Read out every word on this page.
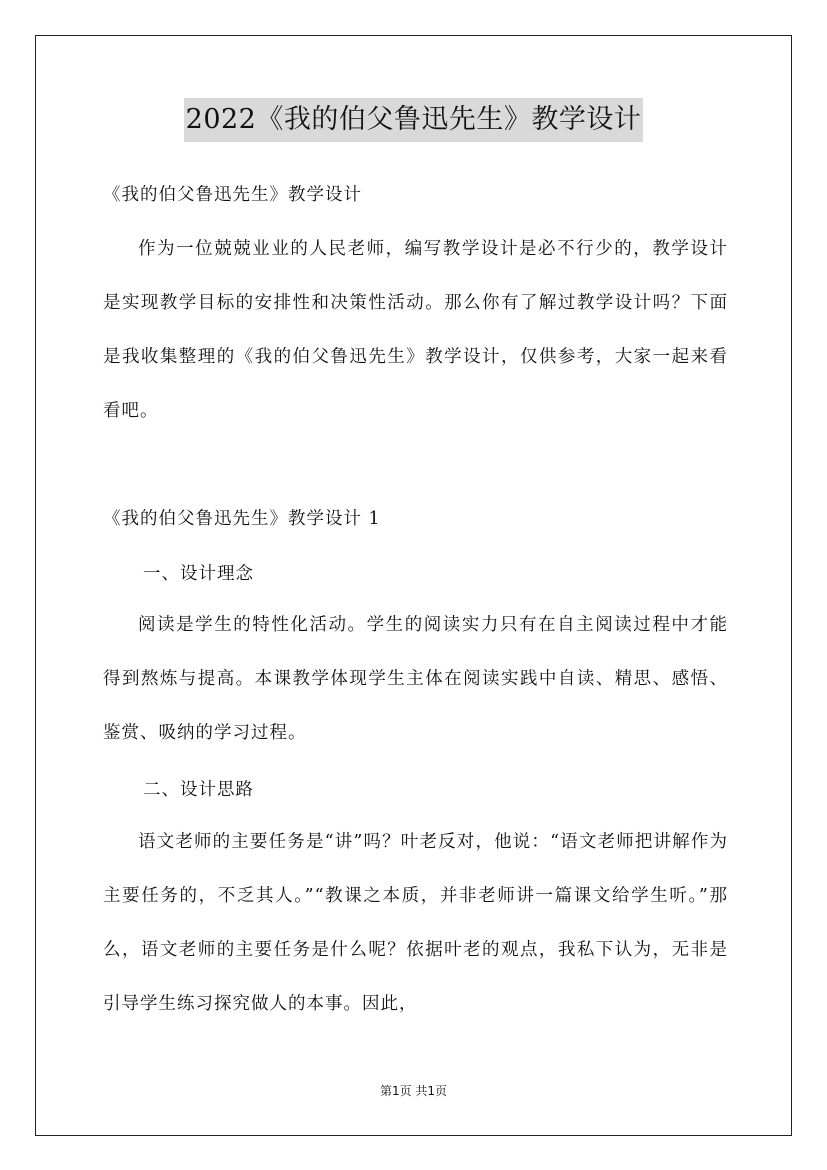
2022《我的伯父鲁迅先生》教学设计

《我的伯父鲁迅先生》教学设计

作为一位兢兢业业的人民老师，编写教学设计是必不行少的，教学设计是实现教学目标的安排性和决策性活动。那么你有了解过教学设计吗？下面是我收集整理的《我的伯父鲁迅先生》教学设计，仅供参考，大家一起来看看吧。

《我的伯父鲁迅先生》教学设计 1

一、设计理念

阅读是学生的特性化活动。学生的阅读实力只有在自主阅读过程中才能得到熬炼与提高。本课教学体现学生主体在阅读实践中自读、精思、感悟、鉴赏、吸纳的学习过程。

二、设计思路

语文老师的主要任务是“讲”吗？叶老反对，他说：“语文老师把讲解作为主要任务的，不乏其人。”“教课之本质，并非老师讲一篇课文给学生听。”那么，语文老师的主要任务是什么呢？依据叶老的观点，我私下认为，无非是引导学生练习探究做人的本事。因此，

第1页 共1页
